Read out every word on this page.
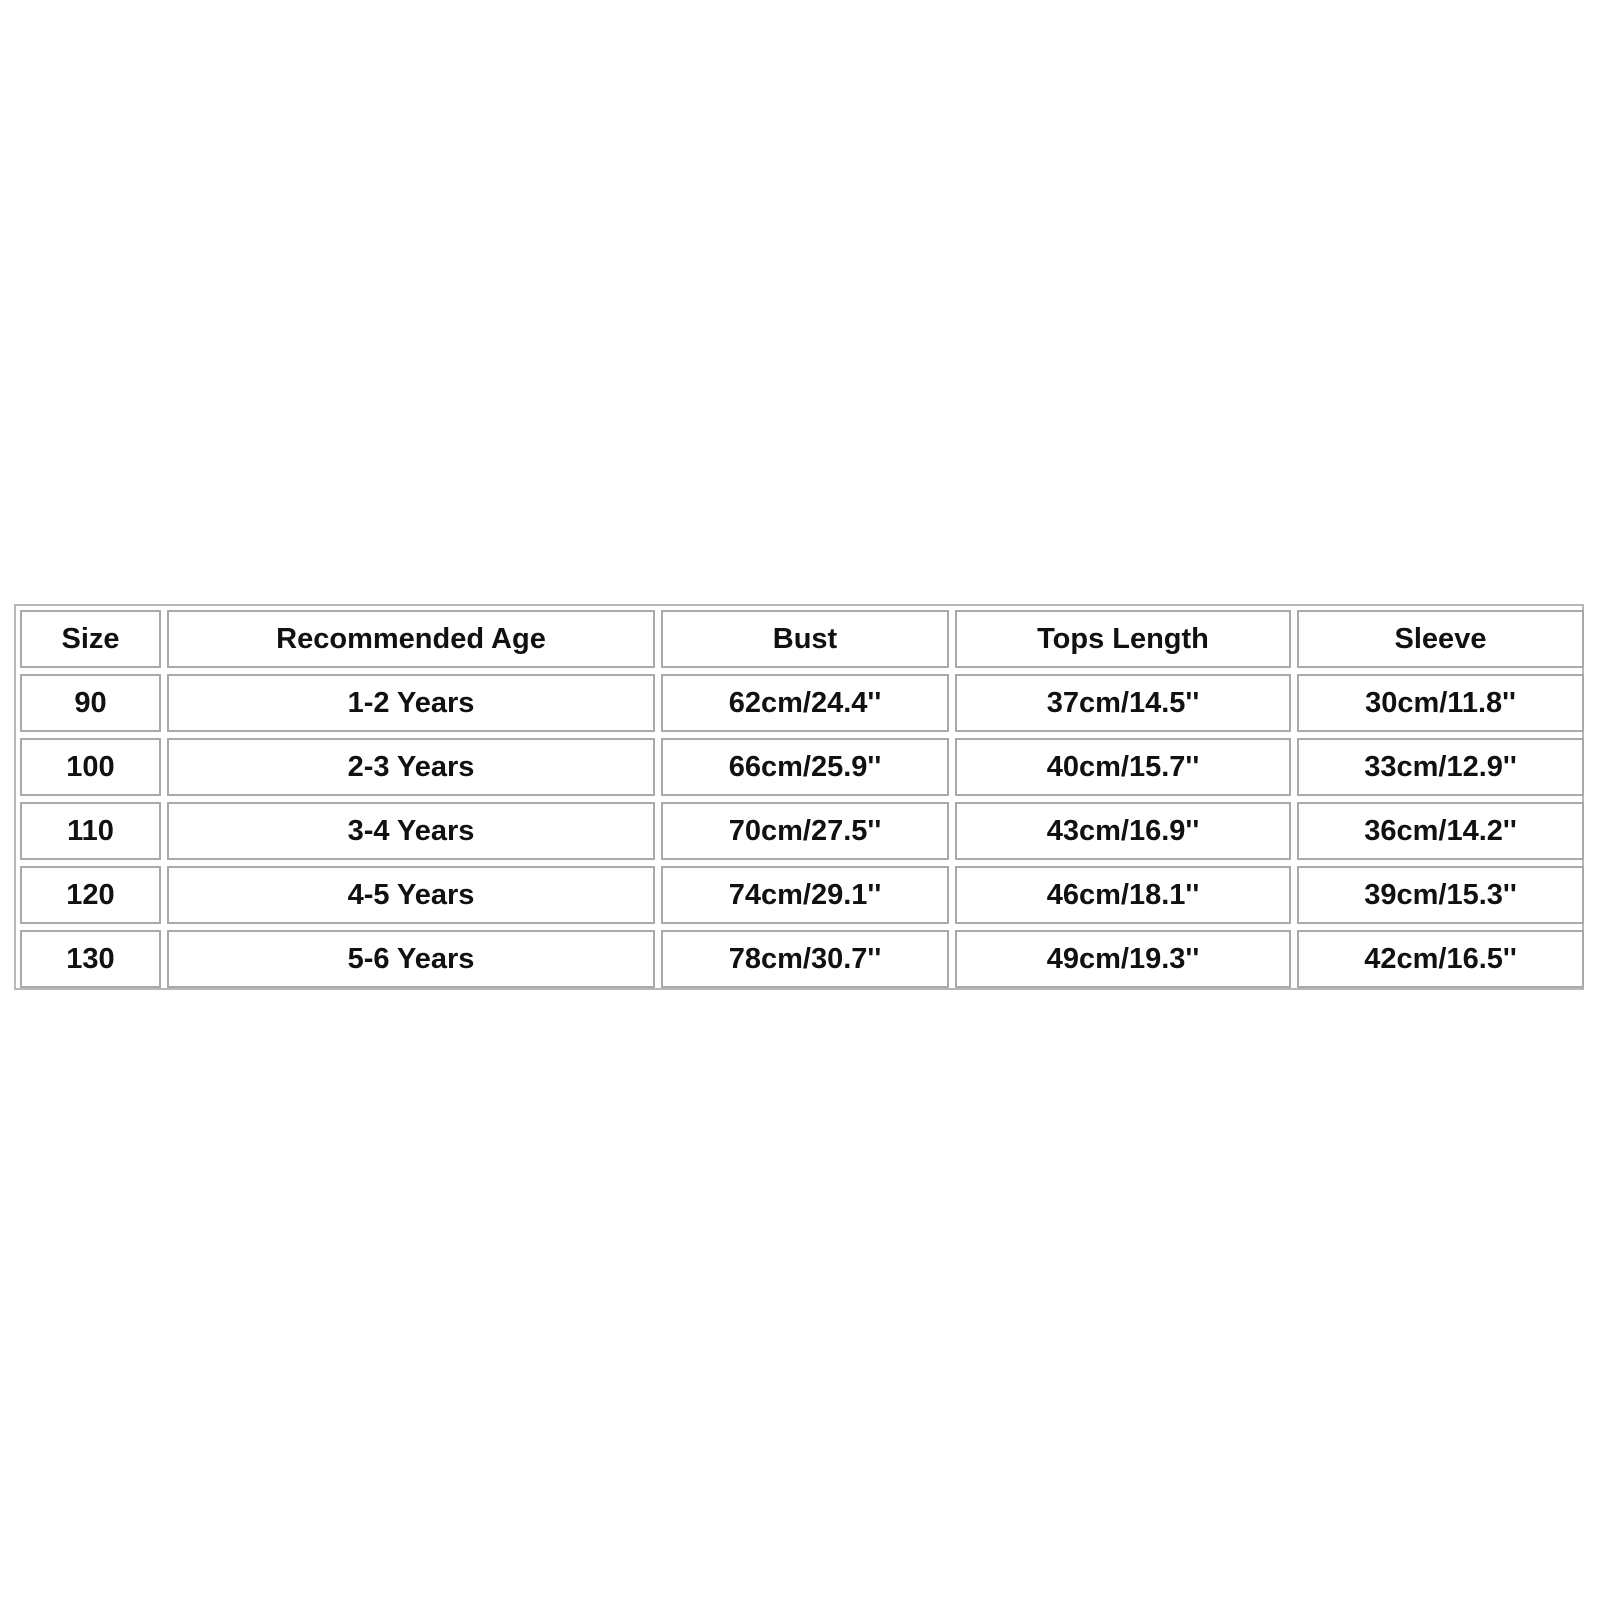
Size	Recommended Age	Bust	Tops Length	Sleeve
90	1-2 Years	62cm/24.4''	37cm/14.5''	30cm/11.8''
100	2-3 Years	66cm/25.9''	40cm/15.7''	33cm/12.9''
110	3-4 Years	70cm/27.5''	43cm/16.9''	36cm/14.2''
120	4-5 Years	74cm/29.1''	46cm/18.1''	39cm/15.3''
130	5-6 Years	78cm/30.7''	49cm/19.3''	42cm/16.5''
